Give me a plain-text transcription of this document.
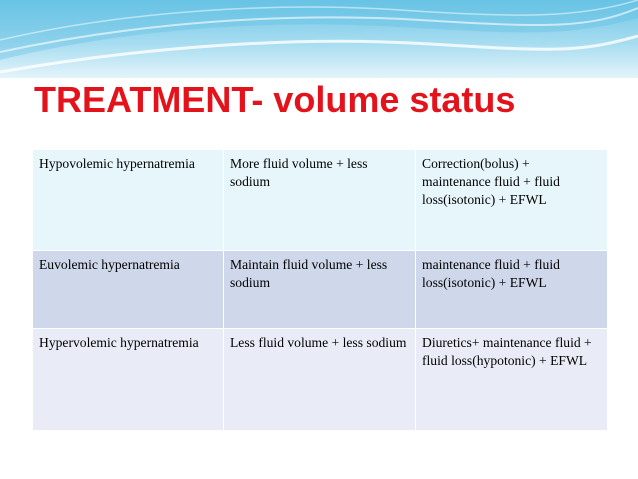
TREATMENT- volume status
Hypovolemic hypernatremia	More fluid volume + less sodium	Correction(bolus) + maintenance fluid + fluid loss(isotonic) + EFWL
Euvolemic hypernatremia	Maintain fluid volume + less sodium	maintenance fluid + fluid loss(isotonic) + EFWL
Hypervolemic hypernatremia	Less fluid volume + less sodium	Diuretics+ maintenance fluid + fluid loss(hypotonic) + EFWL
